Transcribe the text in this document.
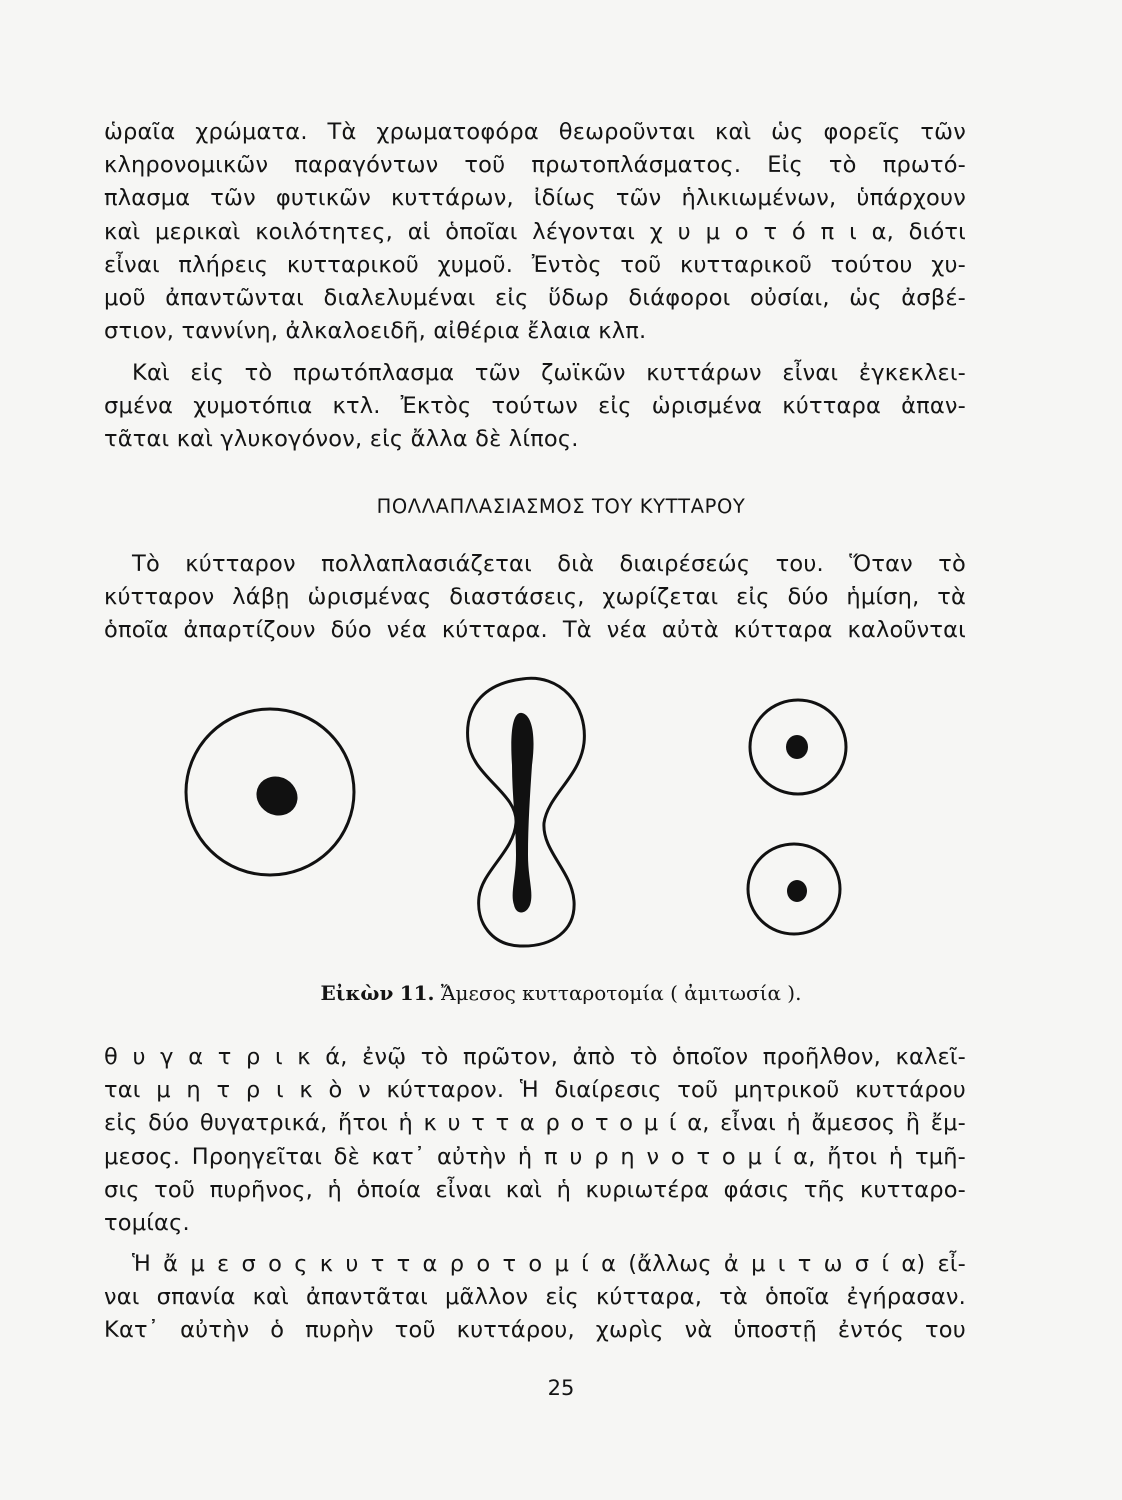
ὡραῖα χρώματα. Τὰ χρωματοφόρα θεωροῦνται καὶ ὡς φορεῖς τῶν
κληρονομικῶν παραγόντων τοῦ πρωτοπλάσματος. Εἰς τὸ πρωτό-
πλασμα τῶν φυτικῶν κυττάρων, ἰδίως τῶν ἡλικιωμένων, ὑπάρχουν
καὶ μερικαὶ κοιλότητες, αἱ ὁποῖαι λέγονται χ υ μ ο τ ό π ι α, διότι
εἶναι πλήρεις κυτταρικοῦ χυμοῦ. Ἐντὸς τοῦ κυτταρικοῦ τούτου χυ-
μοῦ ἀπαντῶνται διαλελυμέναι εἰς ὕδωρ διάφοροι οὐσίαι, ὡς ἀσβέ-
στιον, ταννίνη, ἀλκαλοειδῆ, αἰθέρια ἔλαια κλπ.
Καὶ εἰς τὸ πρωτόπλασμα τῶν ζωϊκῶν κυττάρων εἶναι ἐγκεκλει-
σμένα χυμοτόπια κτλ. Ἐκτὸς τούτων εἰς ὡρισμένα κύτταρα ἀπαν-
τᾶται καὶ γλυκογόνον, εἰς ἄλλα δὲ λίπος.
ΠΟΛΛΑΠΛΑΣΙΑΣΜΟΣ ΤΟΥ ΚΥΤΤΑΡΟΥ
Τὸ κύτταρον πολλαπλασιάζεται διὰ διαιρέσεώς του. Ὅταν τὸ
κύτταρον λάβῃ ὡρισμένας διαστάσεις, χωρίζεται εἰς δύο ἡμίση, τὰ
ὁποῖα ἀπαρτίζουν δύο νέα κύτταρα. Τὰ νέα αὐτὰ κύτταρα καλοῦνται
Εἰκὼν 11. Ἄμεσος κυτταροτομία ( ἀμιτωσία ).
θ υ γ α τ ρ ι κ ά, ἐνῷ τὸ πρῶτον, ἀπὸ τὸ ὁποῖον προῆλθον, καλεῖ-
ται μ η τ ρ ι κ ὸ ν κύτταρον. Ἡ διαίρεσις τοῦ μητρικοῦ κυττάρου
εἰς δύο θυγατρικά, ἤτοι ἡ κ υ τ τ α ρ ο τ ο μ ί α, εἶναι ἡ ἄμεσος ἢ ἔμ-
μεσος. Προηγεῖται δὲ κατ᾽ αὐτὴν ἡ π υ ρ η ν ο τ ο μ ί α, ἤτοι ἡ τμῆ-
σις τοῦ πυρῆνος, ἡ ὁποία εἶναι καὶ ἡ κυριωτέρα φάσις τῆς κυτταρο-
τομίας.
Ἡ ἄ μ ε σ ο ς κ υ τ τ α ρ ο τ ο μ ί α (ἄλλως ἀ μ ι τ ω σ ί α) εἶ-
ναι σπανία καὶ ἀπαντᾶται μᾶλλον εἰς κύτταρα, τὰ ὁποῖα ἐγήρασαν.
Κατ᾽ αὐτὴν ὁ πυρὴν τοῦ κυττάρου, χωρὶς νὰ ὑποστῇ ἐντός του
25
